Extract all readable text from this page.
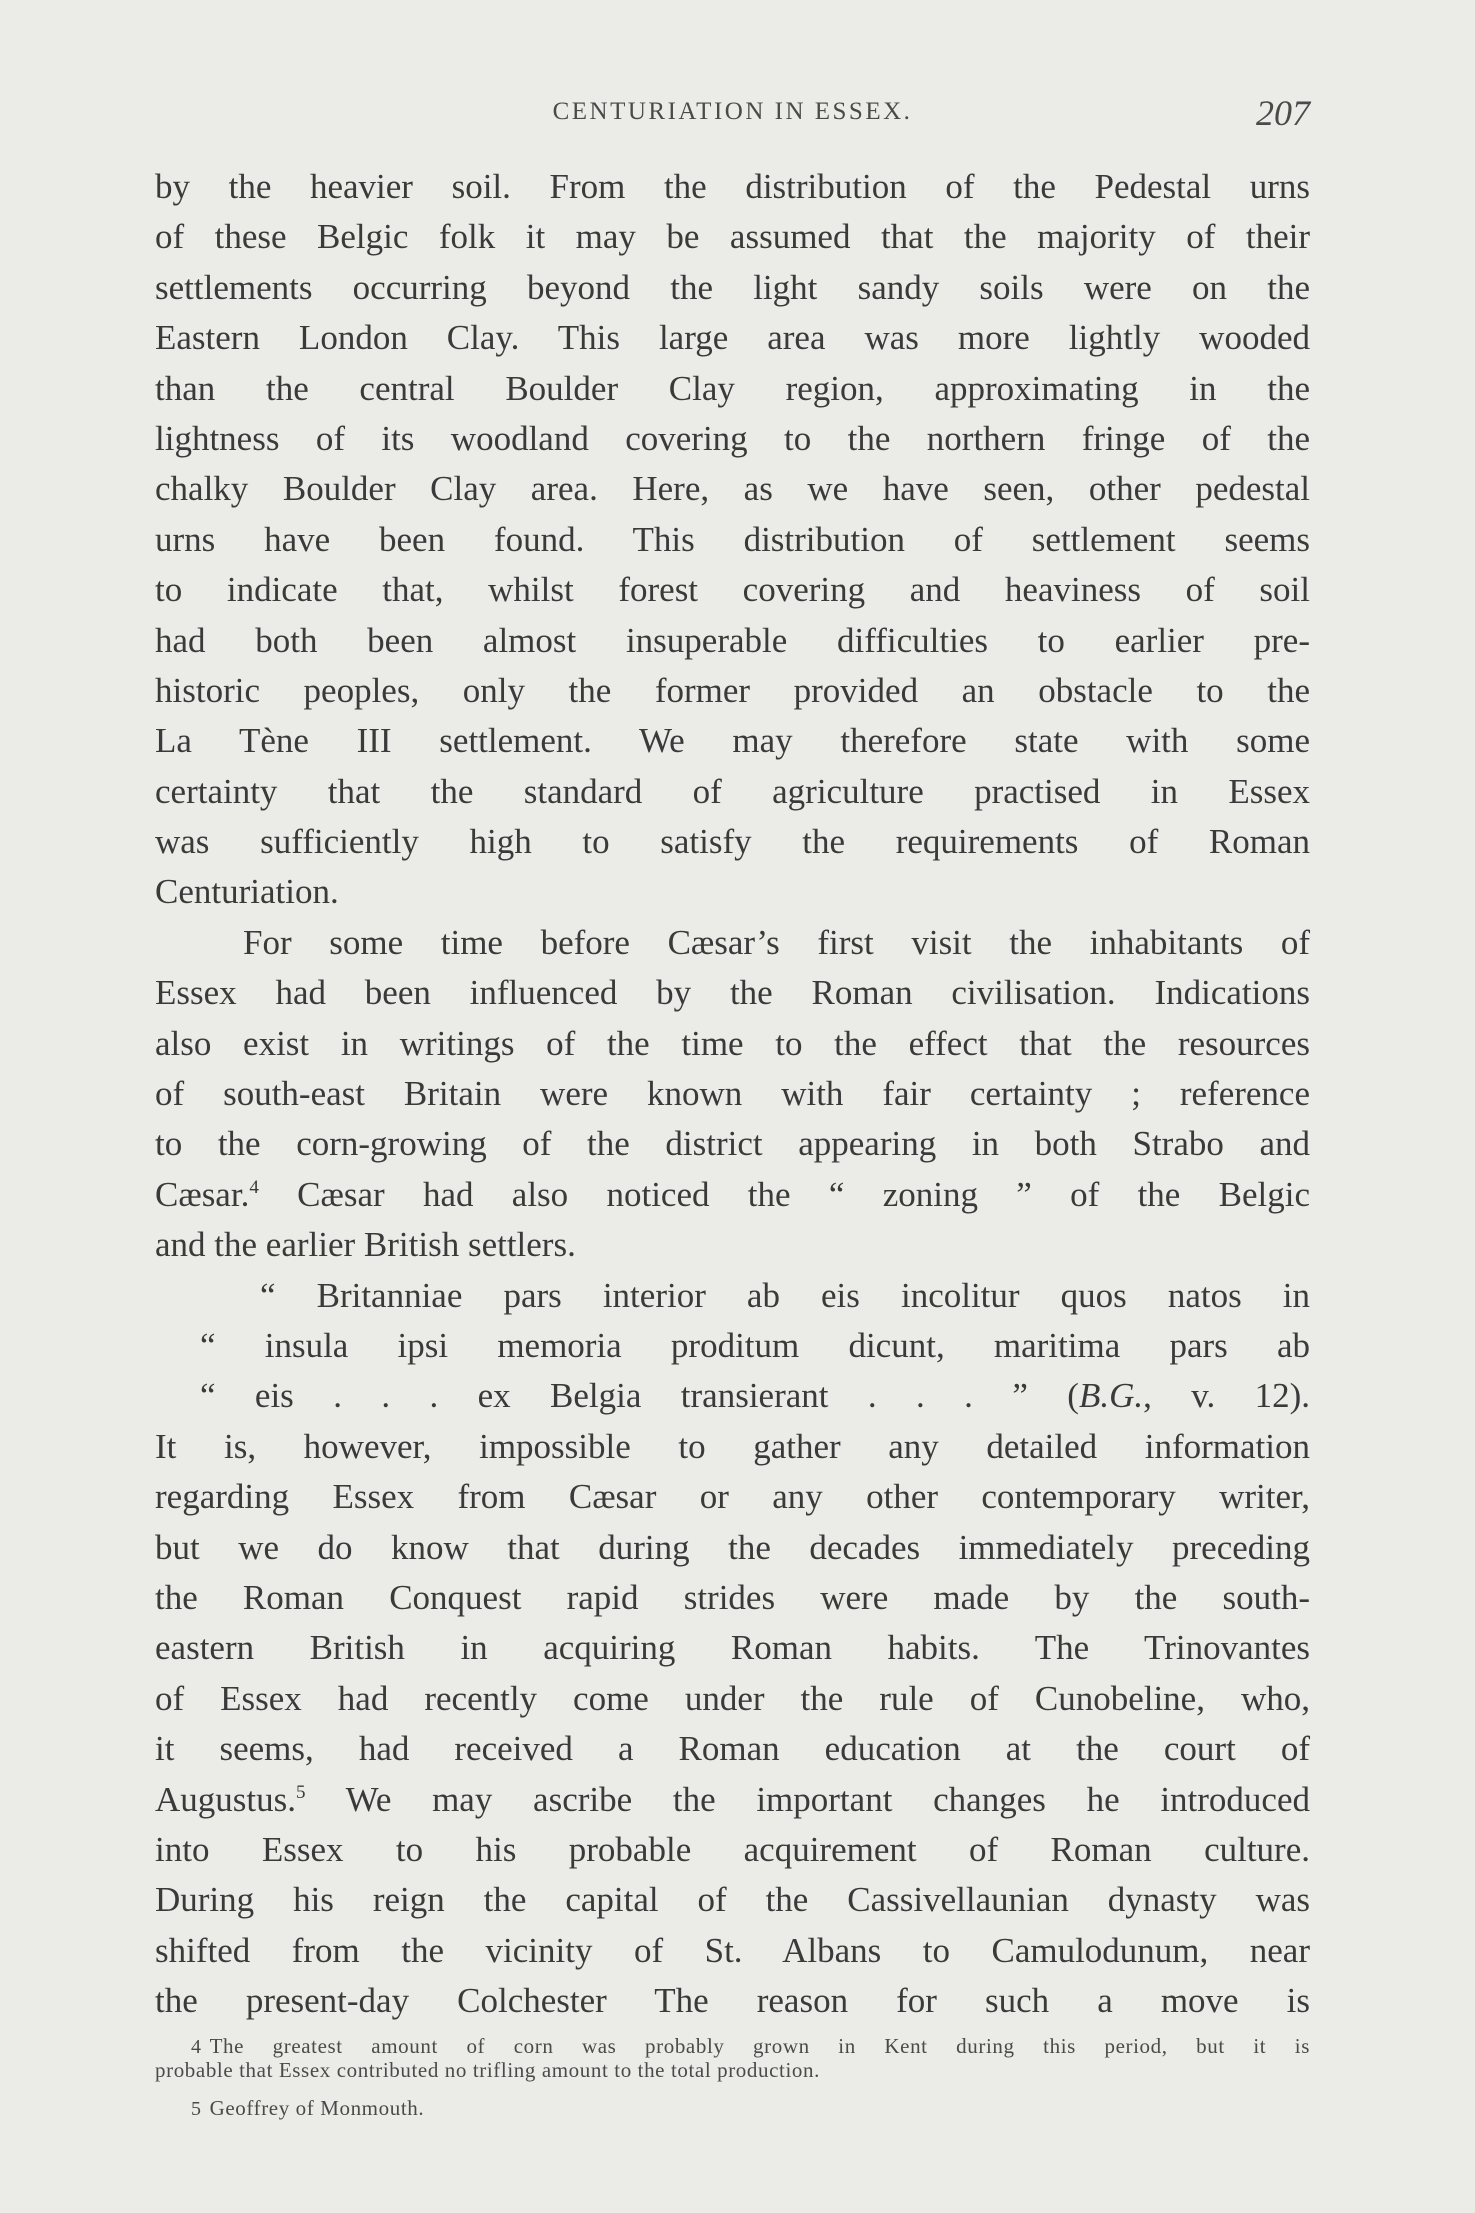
CENTURIATION IN ESSEX.	207
by the heavier soil. From the distribution of the Pedestal urns
of these Belgic folk it may be assumed that the majority of their
settlements occurring beyond the light sandy soils were on the
Eastern London Clay. This large area was more lightly wooded
than the central Boulder Clay region, approximating in the
lightness of its woodland covering to the northern fringe of the
chalky Boulder Clay area. Here, as we have seen, other pedestal
urns have been found. This distribution of settlement seems
to indicate that, whilst forest covering and heaviness of soil
had both been almost insuperable difficulties to earlier pre-
historic peoples, only the former provided an obstacle to the
La Tène III settlement. We may therefore state with some
certainty that the standard of agriculture practised in Essex
was sufficiently high to satisfy the requirements of Roman
Centuriation.
For some time before Cæsar’s first visit the inhabitants of
Essex had been influenced by the Roman civilisation. Indications
also exist in writings of the time to the effect that the resources
of south-east Britain were known with fair certainty ; reference
to the corn-growing of the district appearing in both Strabo and
Cæsar.$^4$ Cæsar had also noticed the “ zoning ” of the Belgic
and the earlier British settlers.
“ Britanniae pars interior ab eis incolitur quos natos in
“ insula ipsi memoria proditum dicunt, maritima pars ab
“ eis . . . ex Belgia transierant . . . ” (B.G., v. 12).
It is, however, impossible to gather any detailed information
regarding Essex from Cæsar or any other contemporary writer,
but we do know that during the decades immediately preceding
the Roman Conquest rapid strides were made by the south-
eastern British in acquiring Roman habits. The Trinovantes
of Essex had recently come under the rule of Cunobeline, who,
it seems, had received a Roman education at the court of
Augustus.$^5$ We may ascribe the important changes he introduced
into Essex to his probable acquirement of Roman culture.
During his reign the capital of the Cassivellaunian dynasty was
shifted from the vicinity of St. Albans to Camulodunum, near
the present-day Colchester The reason for such a move is
4 The greatest amount of corn was probably grown in Kent during this period, but it is
probable that Essex contributed no trifling amount to the total production.
5 Geoffrey of Monmouth.
